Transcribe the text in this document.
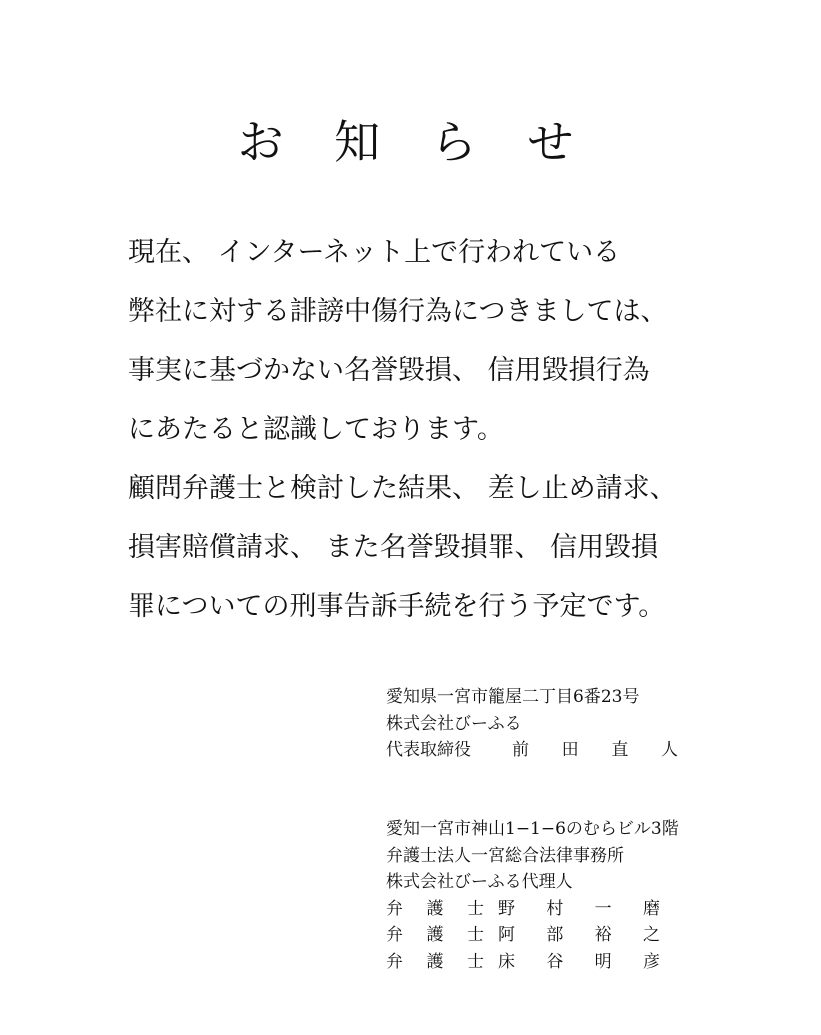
お 知 ら せ
現在、 インターネット上で行われている
弊社に対する誹謗中傷行為につきましては、
事実に基づかない名誉毀損、 信用毀損行為
にあたると認識しております。
顧問弁護士と検討した結果、 差し止め請求、
損害賠償請求、 また名誉毀損罪、 信用毀損
罪についての刑事告訴手続を行う予定です。
愛知県一宮市籠屋二丁目6番23号
株式会社びーふる
代表取締役	前　田　直　人
愛知一宮市神山1−1−6のむらビル3階
弁護士法人一宮総合法律事務所
株式会社びーふる代理人
弁　護　士 野　村　一　磨
弁　護　士 阿　部　裕　之
弁　護　士 床　谷　明　彦
